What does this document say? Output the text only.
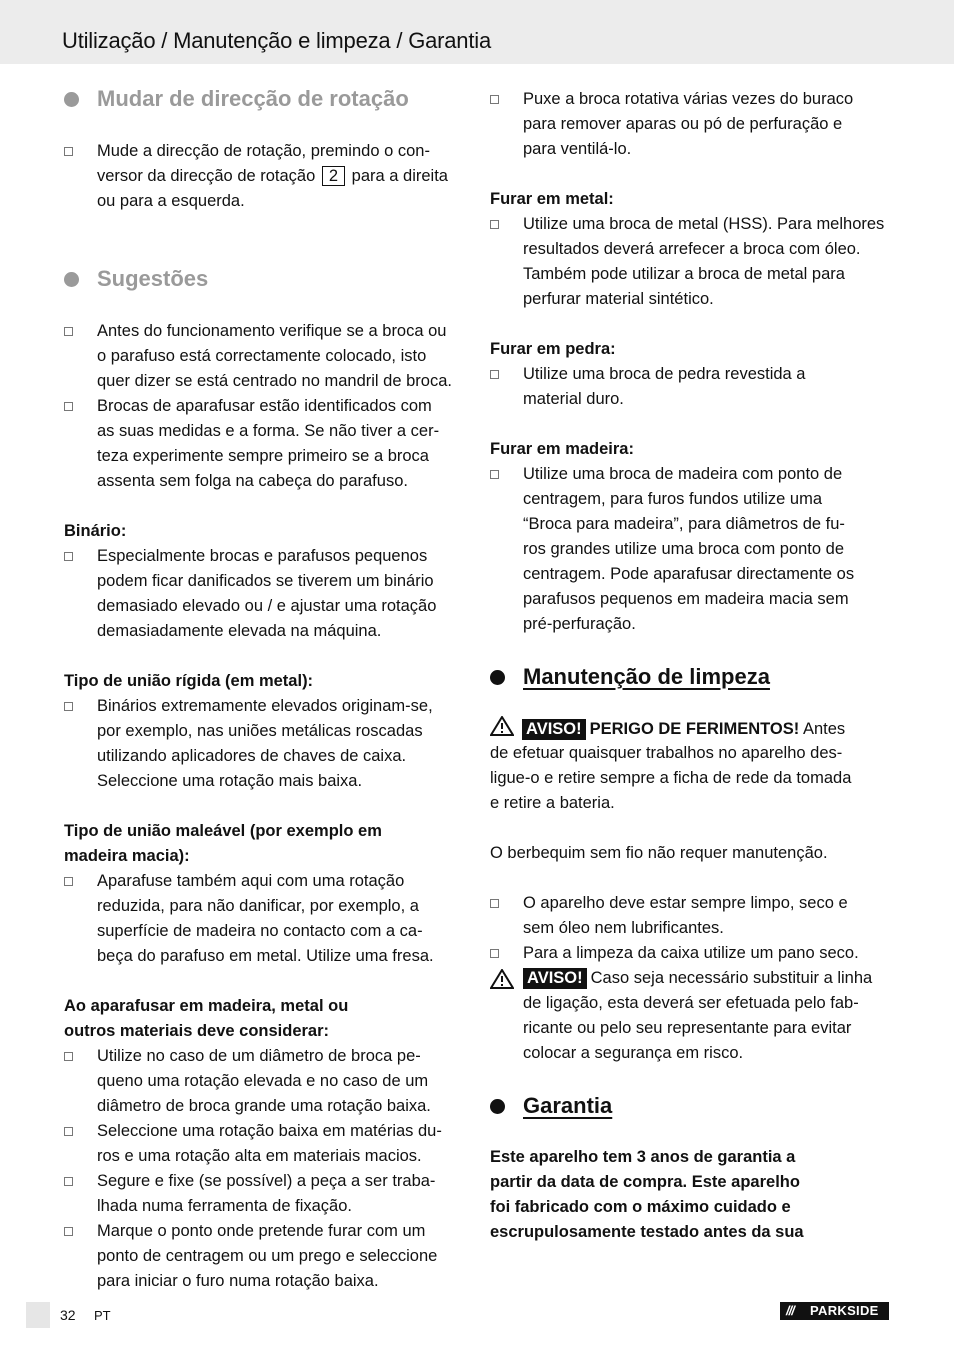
Utilização / Manutenção e limpeza / Garantia
Mudar de direcção de rotação
Mude a direcção de rotação, premindo o con-
versor da direcção de rotação 2 para a direita
ou para a esquerda.
Sugestões
Antes do funcionamento verifique se a broca ou
o parafuso está correctamente colocado, isto
quer dizer se está centrado no mandril de broca.
Brocas de aparafusar estão identificados com
as suas medidas e a forma. Se não tiver a cer-
teza experimente sempre primeiro se a broca
assenta sem folga na cabeça do parafuso.
Binário:
Especialmente brocas e parafusos pequenos
podem ficar danificados se tiverem um binário
demasiado elevado ou / e ajustar uma rotação
demasiadamente elevada na máquina.
Tipo de união rígida (em metal):
Binários extremamente elevados originam-se,
por exemplo, nas uniões metálicas roscadas
utilizando aplicadores de chaves de caixa.
Seleccione uma rotação mais baixa.
Tipo de união maleável (por exemplo em
madeira macia):
Aparafuse também aqui com uma rotação
reduzida, para não danificar, por exemplo, a
superfície de madeira no contacto com a ca-
beça do parafuso em metal. Utilize uma fresa.
Ao aparafusar em madeira, metal ou
outros materiais deve considerar:
Utilize no caso de um diâmetro de broca pe-
queno uma rotação elevada e no caso de um
diâmetro de broca grande uma rotação baixa.
Seleccione uma rotação baixa em matérias du-
ros e uma rotação alta em materiais macios.
Segure e fixe (se possível) a peça a ser traba-
lhada numa ferramenta de fixação.
Marque o ponto onde pretende furar com um
ponto de centragem ou um prego e seleccione
para iniciar o furo numa rotação baixa.
Puxe a broca rotativa várias vezes do buraco
para remover aparas ou pó de perfuração e
para ventilá-lo.
Furar em metal:
Utilize uma broca de metal (HSS). Para melhores
resultados deverá arrefecer a broca com óleo.
Também pode utilizar a broca de metal para
perfurar material sintético.
Furar em pedra:
Utilize uma broca de pedra revestida a
material duro.
Furar em madeira:
Utilize uma broca de madeira com ponto de
centragem, para furos fundos utilize uma
“Broca para madeira”, para diâmetros de fu-
ros grandes utilize uma broca com ponto de
centragem. Pode aparafusar directamente os
parafusos pequenos em madeira macia sem
pré-perfuração.
Manutenção de limpeza
AVISO! PERIGO DE FERIMENTOS! Antes
de efetuar quaisquer trabalhos no aparelho des-
ligue-o e retire sempre a ficha de rede da tomada
e retire a bateria.
O berbequim sem fio não requer manutenção.
O aparelho deve estar sempre limpo, seco e
sem óleo nem lubrificantes.
Para a limpeza da caixa utilize um pano seco.
AVISO! Caso seja necessário substituir a linha
de ligação, esta deverá ser efetuada pelo fab-
ricante ou pelo seu representante para evitar
colocar a segurança em risco.
Garantia
Este aparelho tem 3 anos de garantia a
partir da data de compra. Este aparelho
foi fabricado com o máximo cuidado e
escrupulosamente testado antes da sua
32 PT	/// PARKSIDE
